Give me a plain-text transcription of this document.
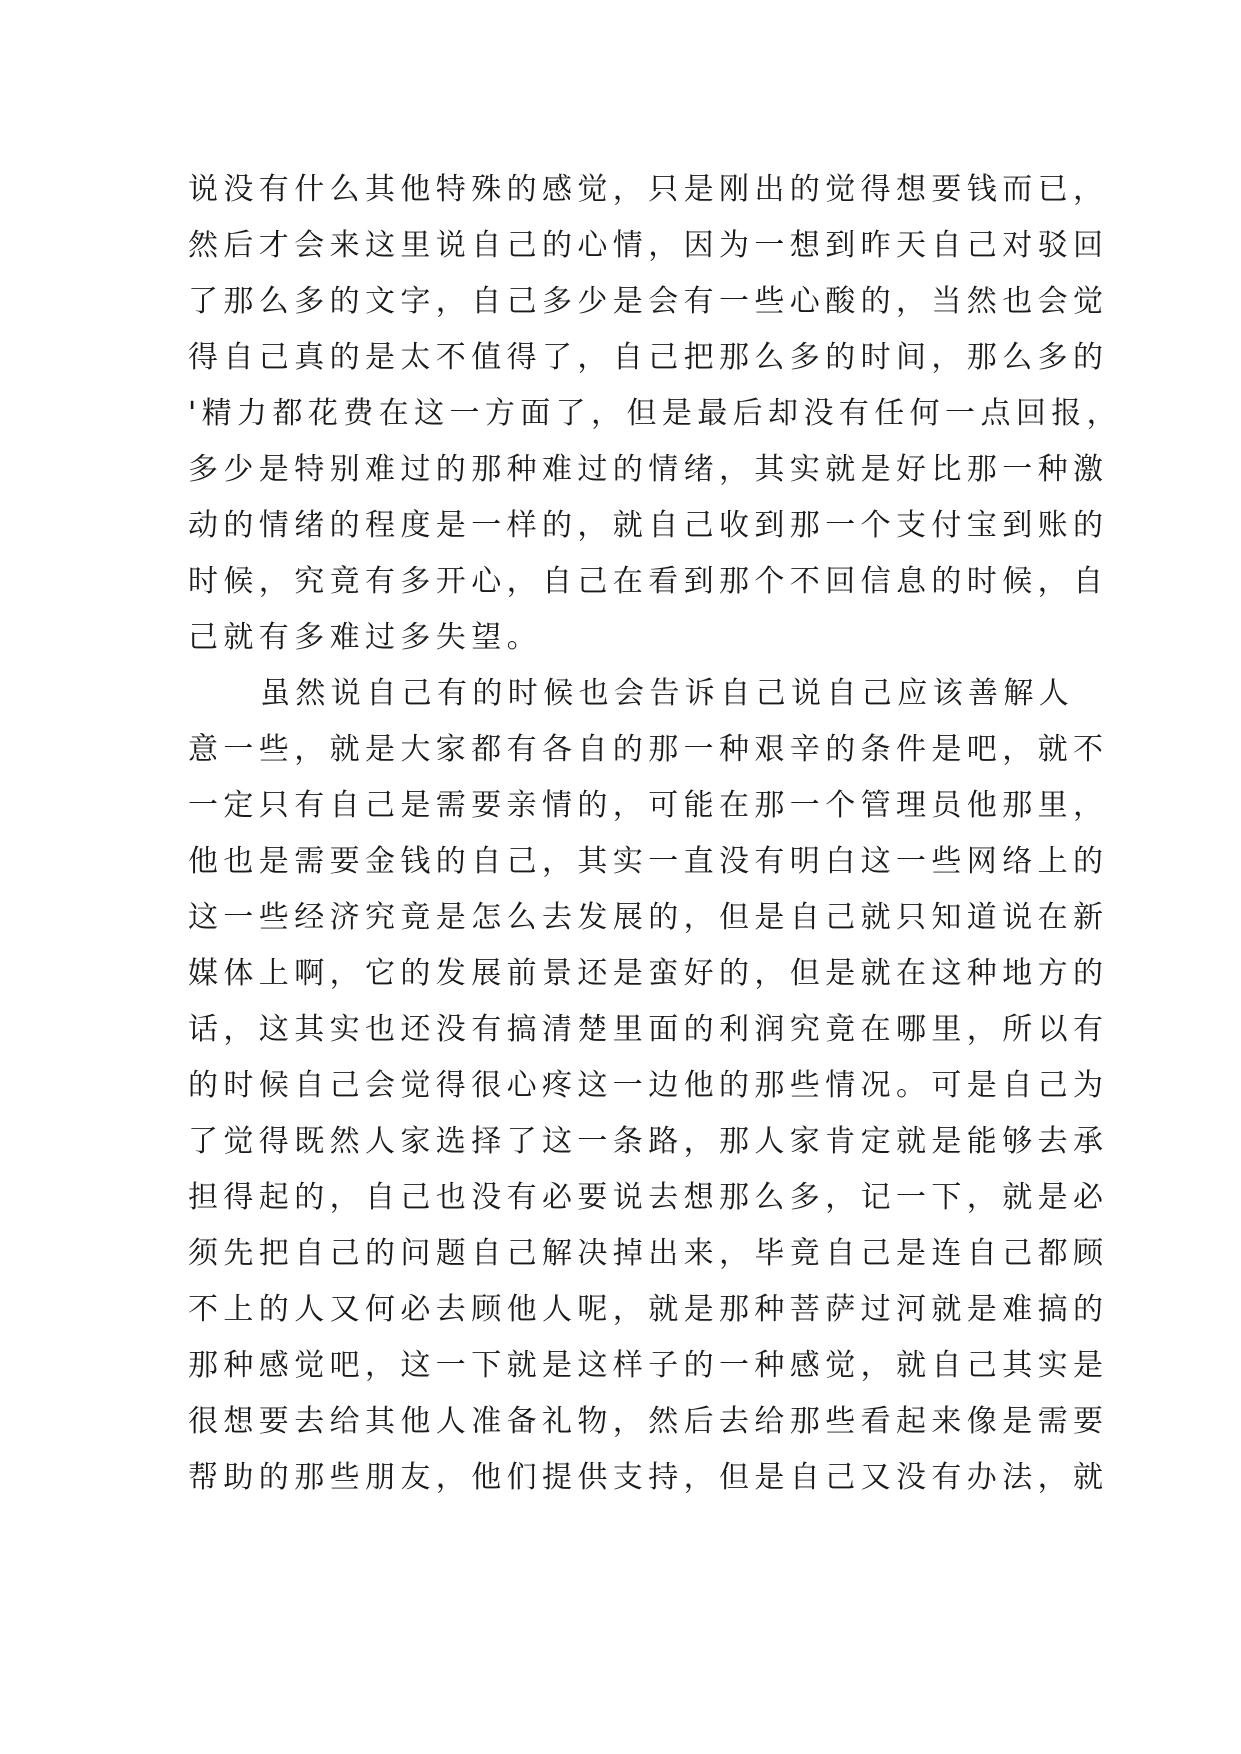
说没有什么其他特殊的感觉，只是刚出的觉得想要钱而已，
然后才会来这里说自己的心情，因为一想到昨天自己对驳回
了那么多的文字，自己多少是会有一些心酸的，当然也会觉
得自己真的是太不值得了，自己把那么多的时间，那么多的
'精力都花费在这一方面了，但是最后却没有任何一点回报，
多少是特别难过的那种难过的情绪，其实就是好比那一种激
动的情绪的程度是一样的，就自己收到那一个支付宝到账的
时候，究竟有多开心，自己在看到那个不回信息的时候，自
己就有多难过多失望。
虽然说自己有的时候也会告诉自己说自己应该善解人
意一些，就是大家都有各自的那一种艰辛的条件是吧，就不
一定只有自己是需要亲情的，可能在那一个管理员他那里，
他也是需要金钱的自己，其实一直没有明白这一些网络上的
这一些经济究竟是怎么去发展的，但是自己就只知道说在新
媒体上啊，它的发展前景还是蛮好的，但是就在这种地方的
话，这其实也还没有搞清楚里面的利润究竟在哪里，所以有
的时候自己会觉得很心疼这一边他的那些情况。可是自己为
了觉得既然人家选择了这一条路，那人家肯定就是能够去承
担得起的，自己也没有必要说去想那么多，记一下，就是必
须先把自己的问题自己解决掉出来，毕竟自己是连自己都顾
不上的人又何必去顾他人呢，就是那种菩萨过河就是难搞的
那种感觉吧，这一下就是这样子的一种感觉，就自己其实是
很想要去给其他人准备礼物，然后去给那些看起来像是需要
帮助的那些朋友，他们提供支持，但是自己又没有办法，就
